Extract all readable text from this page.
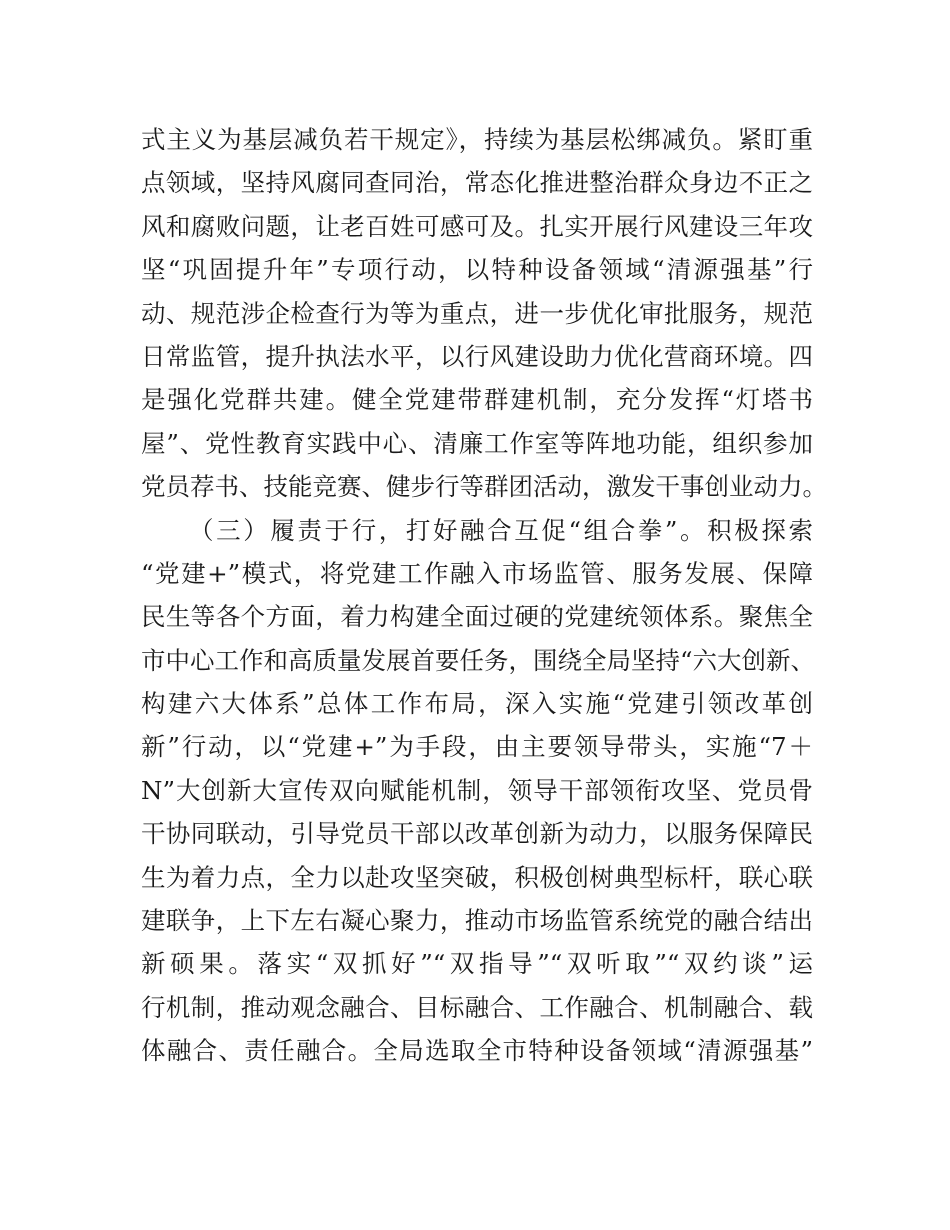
式主义为基层减负若干规定》，持续为基层松绑减负。紧盯重
点领域，坚持风腐同查同治，常态化推进整治群众身边不正之
风和腐败问题，让老百姓可感可及。扎实开展行风建设三年攻
坚“巩固提升年”专项行动，以特种设备领域“清源强基”行
动、规范涉企检查行为等为重点，进一步优化审批服务，规范
日常监管，提升执法水平，以行风建设助力优化营商环境。四
是强化党群共建。健全党建带群建机制，充分发挥“灯塔书
屋”、党性教育实践中心、清廉工作室等阵地功能，组织参加
党员荐书、技能竞赛、健步行等群团活动，激发干事创业动力。
（三）履责于行，打好融合互促“组合拳”。积极探索
“党建+”模式，将党建工作融入市场监管、服务发展、保障
民生等各个方面，着力构建全面过硬的党建统领体系。聚焦全
市中心工作和高质量发展首要任务，围绕全局坚持“六大创新、
构建六大体系”总体工作布局，深入实施“党建引领改革创
新”行动，以“党建+”为手段，由主要领导带头，实施“7＋
N”大创新大宣传双向赋能机制，领导干部领衔攻坚、党员骨
干协同联动，引导党员干部以改革创新为动力，以服务保障民
生为着力点，全力以赴攻坚突破，积极创树典型标杆，联心联
建联争，上下左右凝心聚力，推动市场监管系统党的融合结出
新硕果。落实“双抓好”“双指导”“双听取”“双约谈”运
行机制，推动观念融合、目标融合、工作融合、机制融合、载
体融合、责任融合。全局选取全市特种设备领域“清源强基”
